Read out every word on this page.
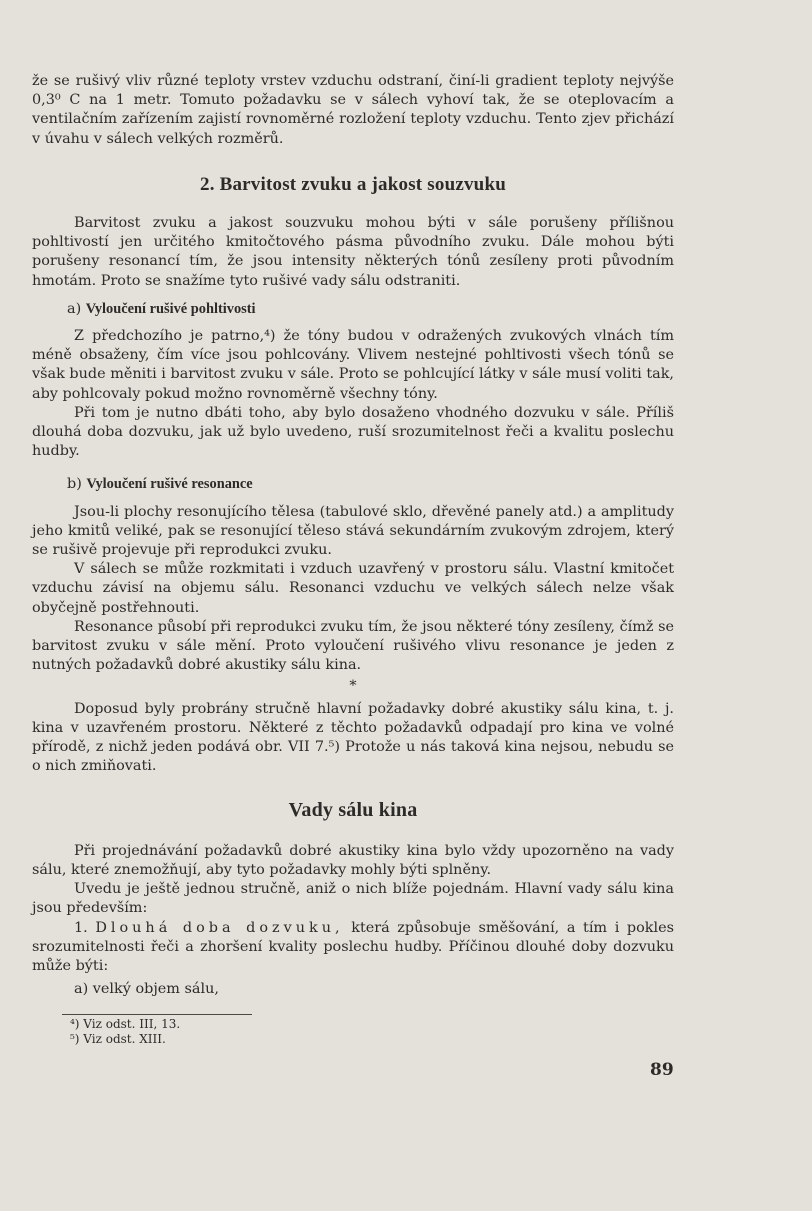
že se rušivý vliv různé teploty vrstev vzduchu odstraní, činí-li gradient teploty nejvýše 0,3⁰ C na 1 metr. Tomuto požadavku se v sálech vyhoví tak, že se oteplovacím a ventilačním zařízením zajistí rovnoměrné rozložení teploty vzduchu. Tento zjev přichází v úvahu v sálech velkých rozměrů.

2. Barvitost zvuku a jakost souzvuku

Barvitost zvuku a jakost souzvuku mohou býti v sále porušeny přílišnou pohltivostí jen určitého kmitočtového pásma původního zvuku. Dále mohou býti porušeny resonancí tím, že jsou intensity některých tónů zesíleny proti původním hmotám. Proto se snažíme tyto rušivé vady sálu odstraniti.

a) Vyloučení rušivé pohltivosti

Z předchozího je patrno,⁴) že tóny budou v odražených zvukových vlnách tím méně obsaženy, čím více jsou pohlcovány. Vlivem nestejné pohltivosti všech tónů se však bude měniti i barvitost zvuku v sále. Proto se pohlcující látky v sále musí voliti tak, aby pohlcovaly pokud možno rovnoměrně všechny tóny.

Při tom je nutno dbáti toho, aby bylo dosaženo vhodného dozvuku v sále. Příliš dlouhá doba dozvuku, jak už bylo uvedeno, ruší srozumitelnost řeči a kvalitu poslechu hudby.

b) Vyloučení rušivé resonance

Jsou-li plochy resonujícího tělesa (tabulové sklo, dřevěné panely atd.) a amplitudy jeho kmitů veliké, pak se resonující těleso stává sekundárním zvukovým zdrojem, který se rušivě projevuje při reprodukci zvuku.

V sálech se může rozkmitati i vzduch uzavřený v prostoru sálu. Vlastní kmitočet vzduchu závisí na objemu sálu. Resonanci vzduchu ve velkých sálech nelze však obyčejně postřehnouti.

Resonance působí při reprodukci zvuku tím, že jsou některé tóny zesíleny, čímž se barvitost zvuku v sále mění. Proto vyloučení rušivého vlivu resonance je jeden z nutných požadavků dobré akustiky sálu kina.

*

Doposud byly probrány stručně hlavní požadavky dobré akustiky sálu kina, t. j. kina v uzavřeném prostoru. Některé z těchto požadavků odpadají pro kina ve volné přírodě, z nichž jeden podává obr. VII 7.⁵) Protože u nás taková kina nejsou, nebudu se o nich zmiňovati.

Vady sálu kina

Při projednávání požadavků dobré akustiky kina bylo vždy upozorněno na vady sálu, které znemožňují, aby tyto požadavky mohly býti splněny.

Uvedu je ještě jednou stručně, aniž o nich blíže pojednám. Hlavní vady sálu kina jsou především:

1. Dlouhá doba dozvuku, která způsobuje směšování, a tím i pokles srozumitelnosti řeči a zhoršení kvality poslechu hudby. Příčinou dlouhé doby dozvuku může býti:

a) velký objem sálu,

⁴) Viz odst. III, 13.
⁵) Viz odst. XIII.
89
